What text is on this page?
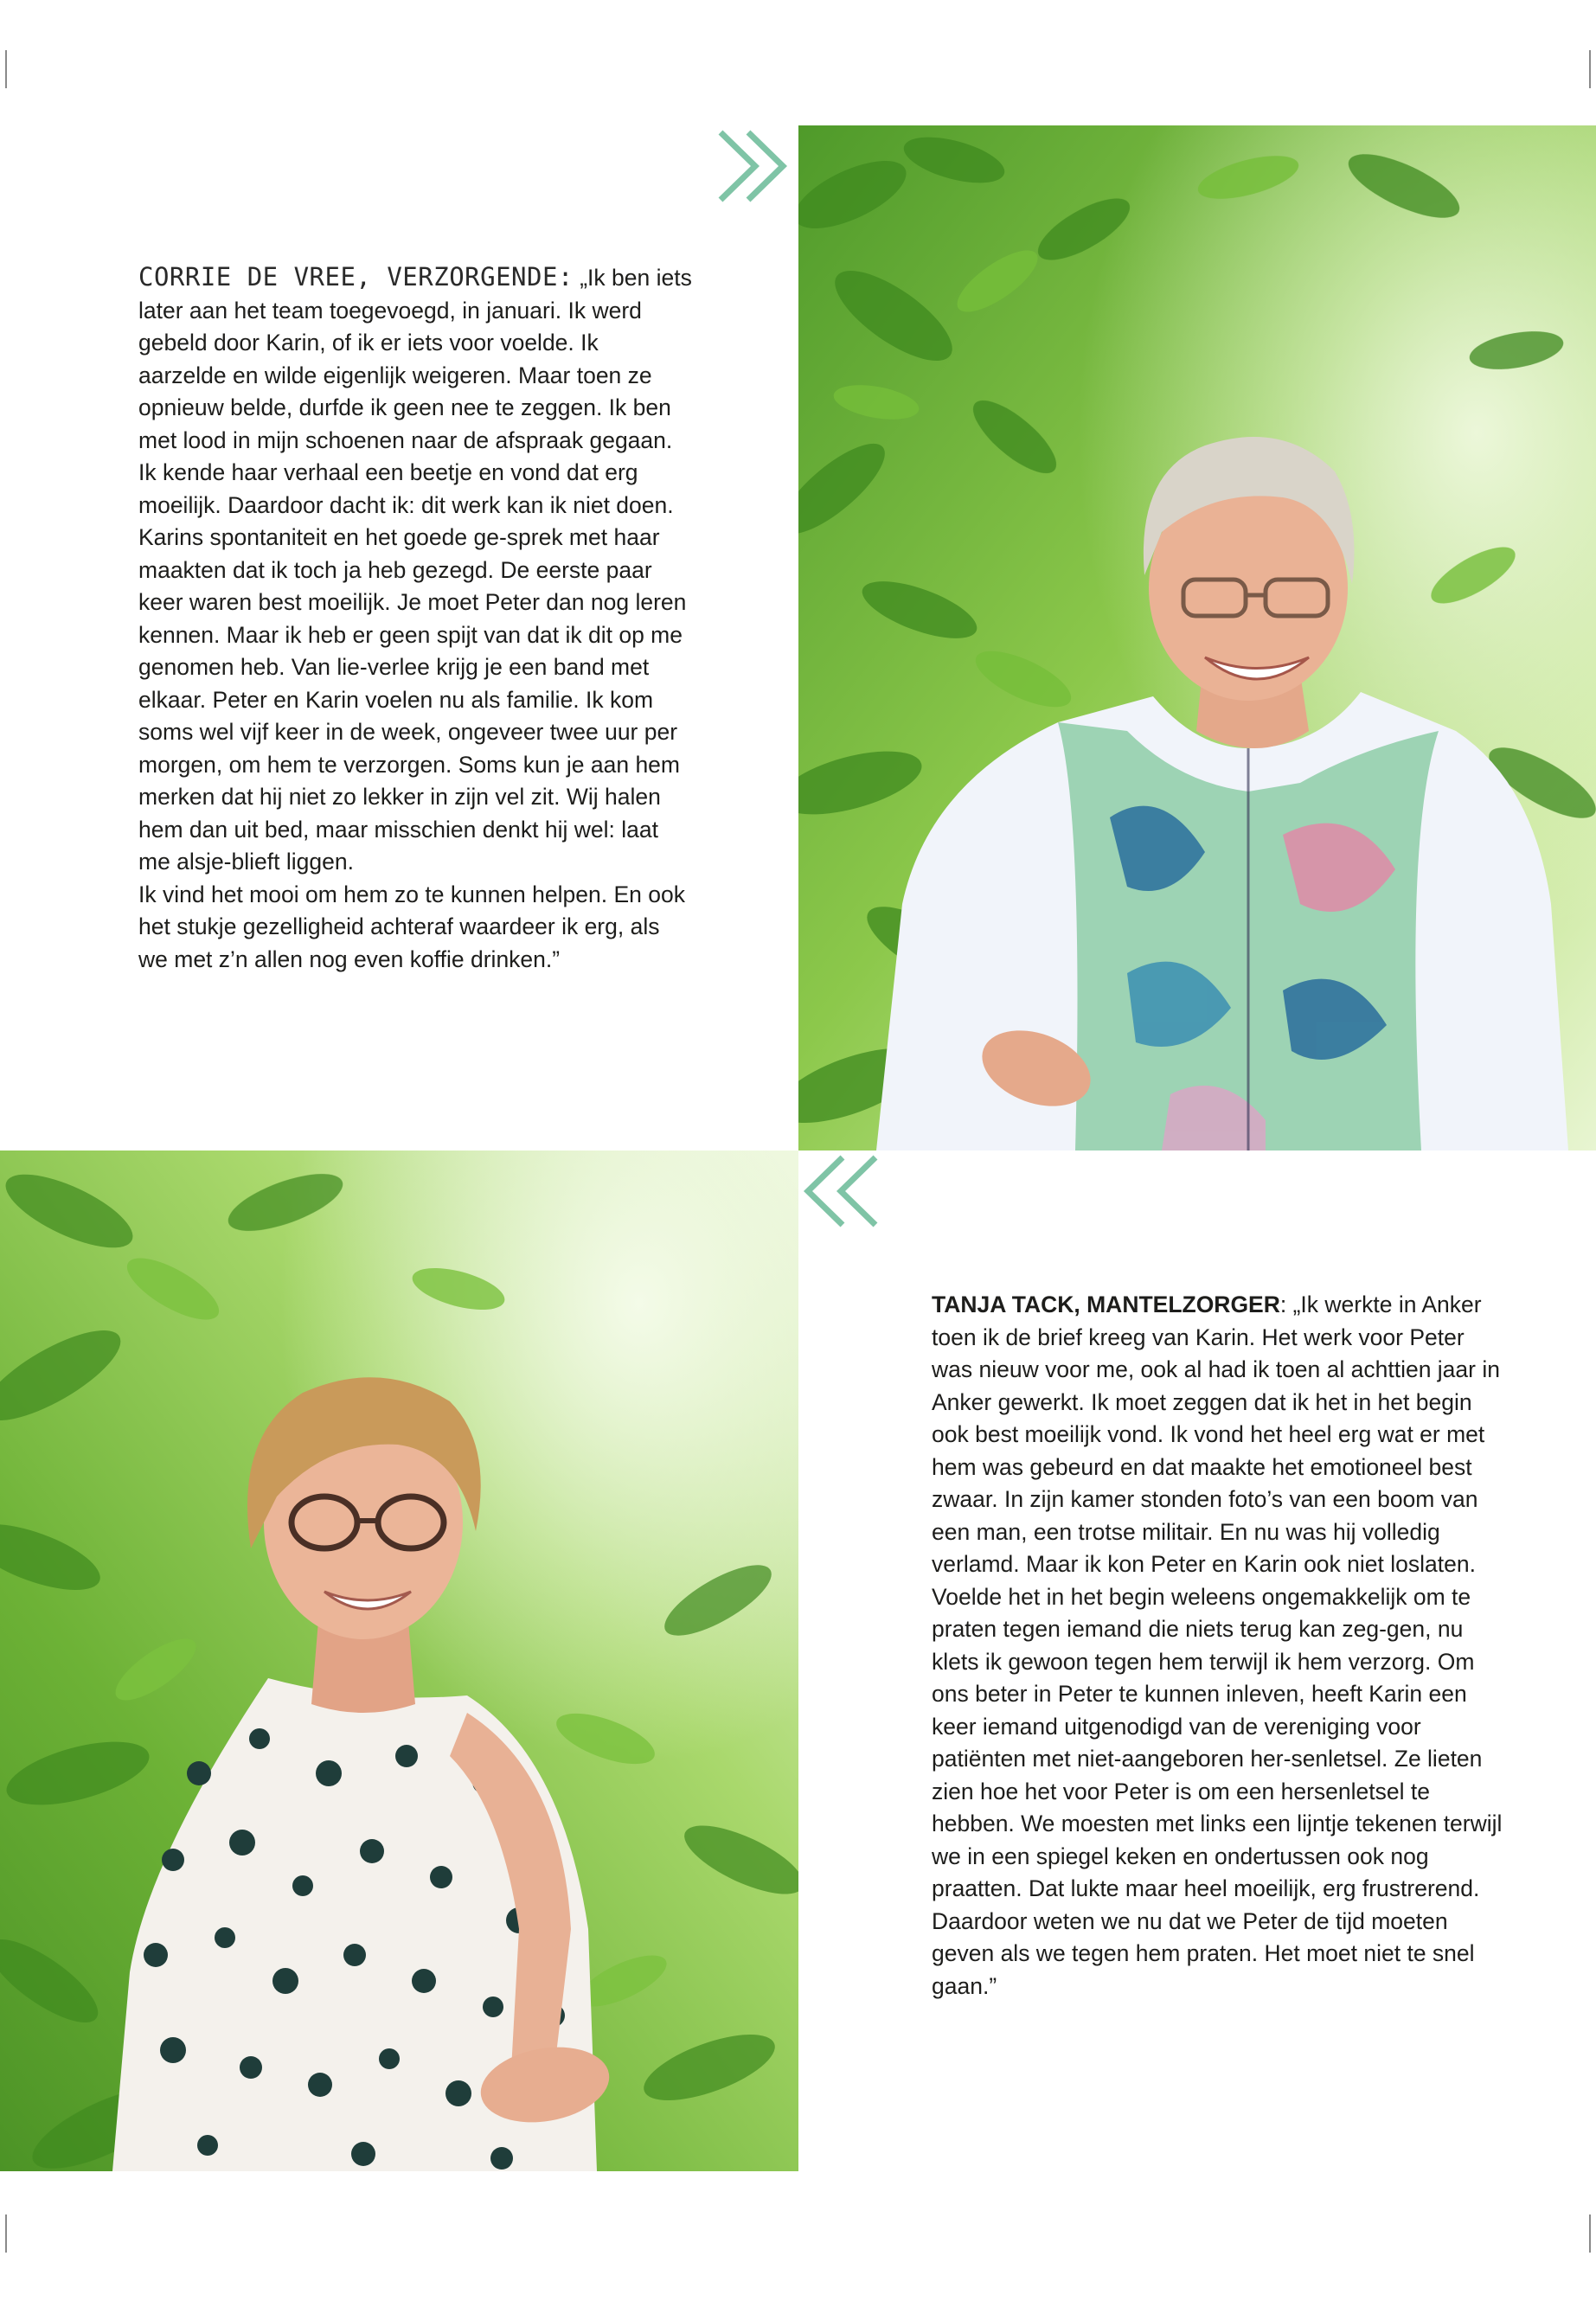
CORRIE DE VREE, VERZORGENDE: „Ik ben iets later aan het team toegevoegd, in januari. Ik werd gebeld door Karin, of ik er iets voor voelde. Ik aarzelde en wilde eigenlijk weigeren. Maar toen ze opnieuw belde, durfde ik geen nee te zeggen. Ik ben met lood in mijn schoenen naar de afspraak gegaan. Ik kende haar verhaal een beetje en vond dat erg moeilijk. Daardoor dacht ik: dit werk kan ik niet doen. Karins spontaniteit en het goede ge-sprek met haar maakten dat ik toch ja heb gezegd. De eerste paar keer waren best moeilijk. Je moet Peter dan nog leren kennen. Maar ik heb er geen spijt van dat ik dit op me genomen heb. Van lie-verlee krijg je een band met elkaar. Peter en Karin voelen nu als familie. Ik kom soms wel vijf keer in de week, ongeveer twee uur per morgen, om hem te verzorgen. Soms kun je aan hem merken dat hij niet zo lekker in zijn vel zit. Wij halen hem dan uit bed, maar misschien denkt hij wel: laat me alsje-blieft liggen.

Ik vind het mooi om hem zo te kunnen helpen. En ook het stukje gezelligheid achteraf waardeer ik erg, als we met z’n allen nog even koffie drinken.”

TANJA TACK, MANTELZORGER: „Ik werkte in Anker toen ik de brief kreeg van Karin. Het werk voor Peter was nieuw voor me, ook al had ik toen al achttien jaar in Anker gewerkt. Ik moet zeggen dat ik het in het begin ook best moeilijk vond. Ik vond het heel erg wat er met hem was gebeurd en dat maakte het emotioneel best zwaar. In zijn kamer stonden foto’s van een boom van een man, een trotse militair. En nu was hij volledig verlamd. Maar ik kon Peter en Karin ook niet loslaten.

Voelde het in het begin weleens ongemakkelijk om te praten tegen iemand die niets terug kan zeg-gen, nu klets ik gewoon tegen hem terwijl ik hem verzorg. Om ons beter in Peter te kunnen inleven, heeft Karin een keer iemand uitgenodigd van de vereniging voor patiënten met niet-aangeboren her-senletsel. Ze lieten zien hoe het voor Peter is om een hersenletsel te hebben. We moesten met links een lijntje tekenen terwijl we in een spiegel keken en ondertussen ook nog praatten. Dat lukte maar heel moeilijk, erg frustrerend. Daardoor weten we nu dat we Peter de tijd moeten geven als we tegen hem praten. Het moet niet te snel gaan.”
